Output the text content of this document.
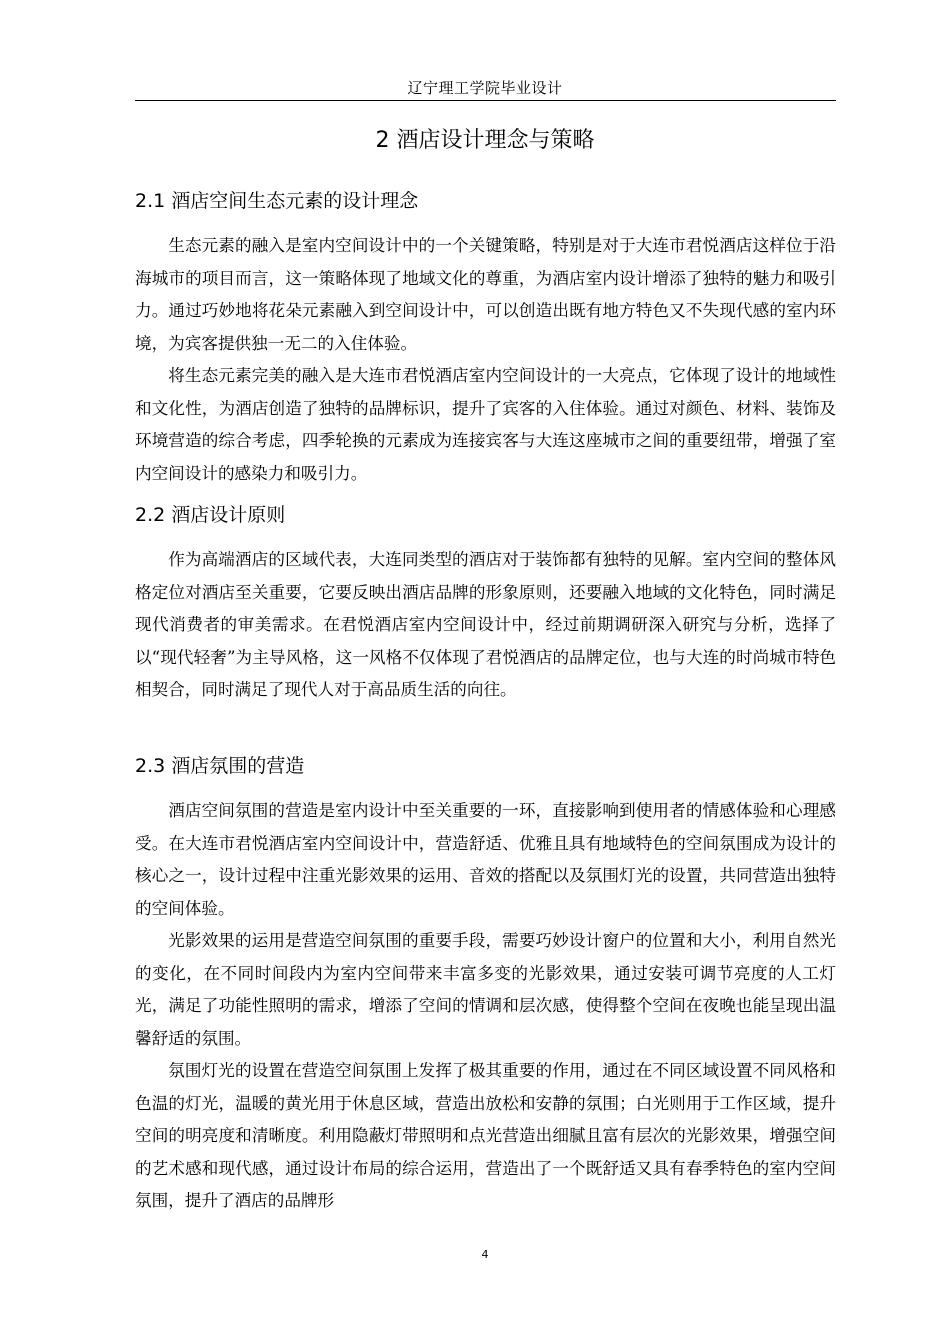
辽宁理工学院毕业设计
2 酒店设计理念与策略
2.1 酒店空间生态元素的设计理念

生态元素的融入是室内空间设计中的一个关键策略，特别是对于大连市君悦酒店这样位于沿海城市的项目而言，这一策略体现了地域文化的尊重，为酒店室内设计增添了独特的魅力和吸引力。通过巧妙地将花朵元素融入到空间设计中，可以创造出既有地方特色又不失现代感的室内环境，为宾客提供独一无二的入住体验。

将生态元素完美的融入是大连市君悦酒店室内空间设计的一大亮点，它体现了设计的地域性和文化性，为酒店创造了独特的品牌标识，提升了宾客的入住体验。通过对颜色、材料、装饰及环境营造的综合考虑，四季轮换的元素成为连接宾客与大连这座城市之间的重要纽带，增强了室内空间设计的感染力和吸引力。

2.2 酒店设计原则

作为高端酒店的区域代表，大连同类型的酒店对于装饰都有独特的见解。室内空间的整体风格定位对酒店至关重要，它要反映出酒店品牌的形象原则，还要融入地域的文化特色，同时满足现代消费者的审美需求。在君悦酒店室内空间设计中，经过前期调研深入研究与分析，选择了以“现代轻奢”为主导风格，这一风格不仅体现了君悦酒店的品牌定位，也与大连的时尚城市特色相契合，同时满足了现代人对于高品质生活的向往。

2.3 酒店氛围的营造

酒店空间氛围的营造是室内设计中至关重要的一环，直接影响到使用者的情感体验和心理感受。在大连市君悦酒店室内空间设计中，营造舒适、优雅且具有地域特色的空间氛围成为设计的核心之一，设计过程中注重光影效果的运用、音效的搭配以及氛围灯光的设置，共同营造出独特的空间体验。

光影效果的运用是营造空间氛围的重要手段，需要巧妙设计窗户的位置和大小，利用自然光的变化，在不同时间段内为室内空间带来丰富多变的光影效果，通过安装可调节亮度的人工灯光，满足了功能性照明的需求，增添了空间的情调和层次感，使得整个空间在夜晚也能呈现出温馨舒适的氛围。

氛围灯光的设置在营造空间氛围上发挥了极其重要的作用，通过在不同区域设置不同风格和色温的灯光，温暖的黄光用于休息区域，营造出放松和安静的氛围；白光则用于工作区域，提升空间的明亮度和清晰度。利用隐蔽灯带照明和点光营造出细腻且富有层次的光影效果，增强空间的艺术感和现代感，通过设计布局的综合运用，营造出了一个既舒适又具有春季特色的室内空间氛围，提升了酒店的品牌形

4
